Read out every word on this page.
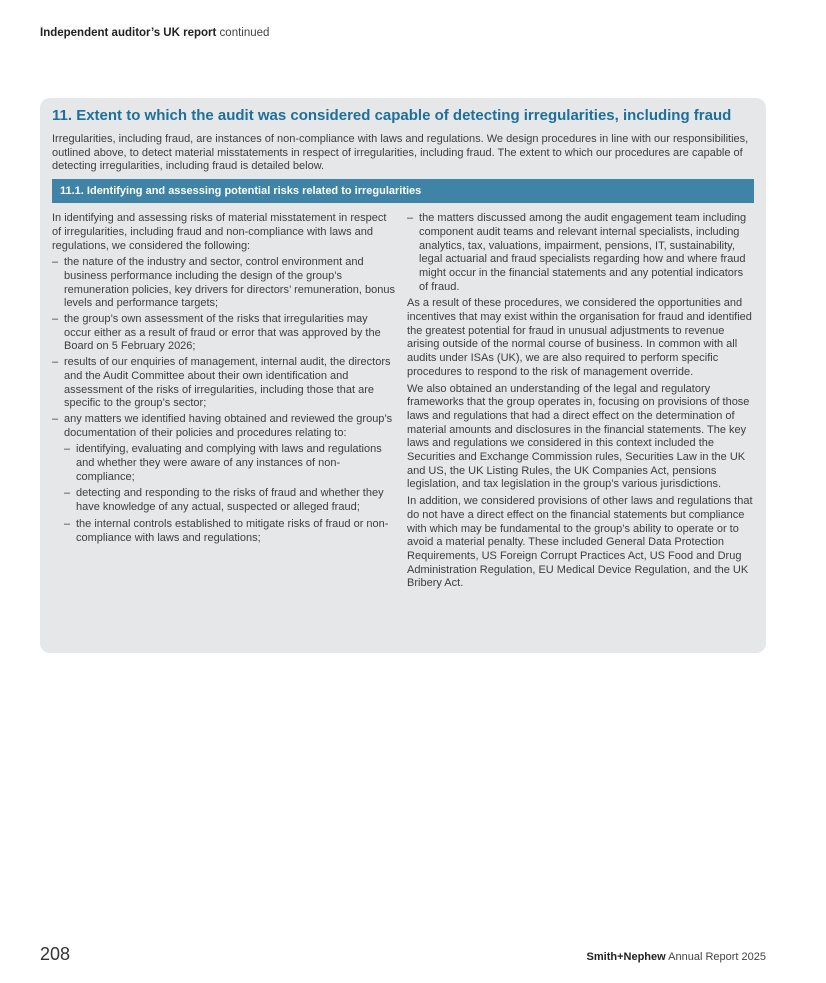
Independent auditor’s UK report continued
11. Extent to which the audit was considered capable of detecting irregularities, including fraud

Irregularities, including fraud, are instances of non-compliance with laws and regulations. We design procedures in line with our responsibilities, outlined above, to detect material misstatements in respect of irregularities, including fraud. The extent to which our procedures are capable of detecting irregularities, including fraud is detailed below.

11.1. Identifying and assessing potential risks related to irregularities

In identifying and assessing risks of material misstatement in respect of irregularities, including fraud and non-compliance with laws and regulations, we considered the following:

– the nature of the industry and sector, control environment and business performance including the design of the group’s remuneration policies, key drivers for directors’ remuneration, bonus levels and performance targets;
– the group’s own assessment of the risks that irregularities may occur either as a result of fraud or error that was approved by the Board on 5 February 2026;
– results of our enquiries of management, internal audit, the directors and the Audit Committee about their own identification and assessment of the risks of irregularities, including those that are specific to the group’s sector;
– any matters we identified having obtained and reviewed the group’s documentation of their policies and procedures relating to:
– identifying, evaluating and complying with laws and regulations and whether they were aware of any instances of non-compliance;
– detecting and responding to the risks of fraud and whether they have knowledge of any actual, suspected or alleged fraud;
– the internal controls established to mitigate risks of fraud or non-compliance with laws and regulations;
– the matters discussed among the audit engagement team including component audit teams and relevant internal specialists, including analytics, tax, valuations, impairment, pensions, IT, sustainability, legal actuarial and fraud specialists regarding how and where fraud might occur in the financial statements and any potential indicators of fraud.

As a result of these procedures, we considered the opportunities and incentives that may exist within the organisation for fraud and identified the greatest potential for fraud in unusual adjustments to revenue arising outside of the normal course of business. In common with all audits under ISAs (UK), we are also required to perform specific procedures to respond to the risk of management override.

We also obtained an understanding of the legal and regulatory frameworks that the group operates in, focusing on provisions of those laws and regulations that had a direct effect on the determination of material amounts and disclosures in the financial statements. The key laws and regulations we considered in this context included the Securities and Exchange Commission rules, Securities Law in the UK and US, the UK Listing Rules, the UK Companies Act, pensions legislation, and tax legislation in the group’s various jurisdictions.

In addition, we considered provisions of other laws and regulations that do not have a direct effect on the financial statements but compliance with which may be fundamental to the group’s ability to operate or to avoid a material penalty. These included General Data Protection Requirements, US Foreign Corrupt Practices Act, US Food and Drug Administration Regulation, EU Medical Device Regulation, and the UK Bribery Act.

208	Smith+Nephew Annual Report 2025
